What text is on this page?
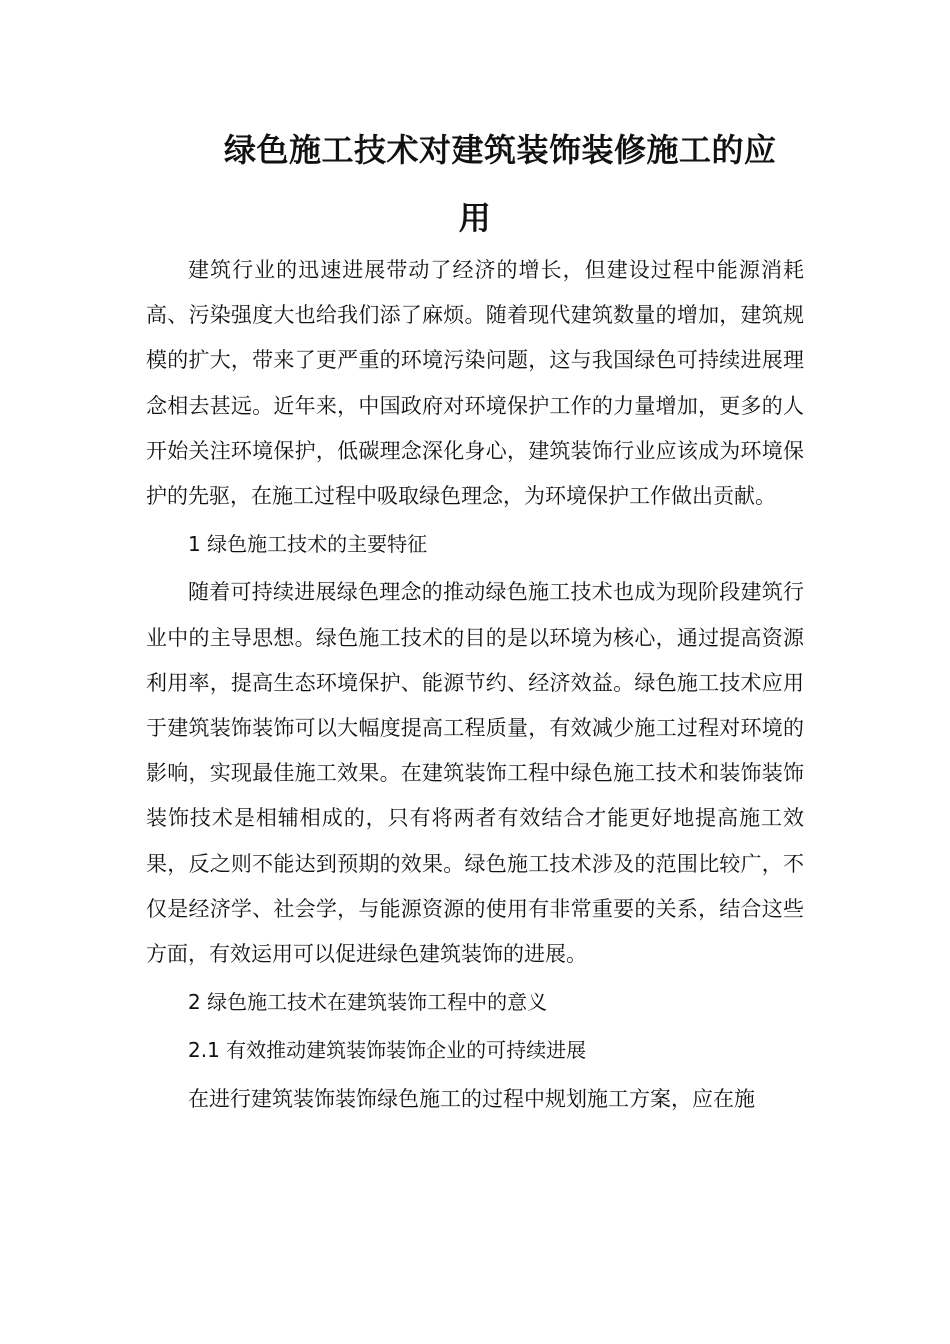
绿色施工技术对建筑装饰装修施工的应
用

建筑行业的迅速进展带动了经济的增长，但建设过程中能源消耗高、污染强度大也给我们添了麻烦。随着现代建筑数量的增加，建筑规模的扩大，带来了更严重的环境污染问题，这与我国绿色可持续进展理念相去甚远。近年来，中国政府对环境保护工作的力量增加，更多的人开始关注环境保护，低碳理念深化身心，建筑装饰行业应该成为环境保护的先驱，在施工过程中吸取绿色理念，为环境保护工作做出贡献。

1 绿色施工技术的主要特征

随着可持续进展绿色理念的推动绿色施工技术也成为现阶段建筑行业中的主导思想。绿色施工技术的目的是以环境为核心，通过提高资源利用率，提高生态环境保护、能源节约、经济效益。绿色施工技术应用于建筑装饰装饰可以大幅度提高工程质量，有效减少施工过程对环境的影响，实现最佳施工效果。在建筑装饰工程中绿色施工技术和装饰装饰装饰技术是相辅相成的，只有将两者有效结合才能更好地提高施工效果，反之则不能达到预期的效果。绿色施工技术涉及的范围比较广，不仅是经济学、社会学，与能源资源的使用有非常重要的关系，结合这些方面，有效运用可以促进绿色建筑装饰的进展。

2 绿色施工技术在建筑装饰工程中的意义

2.1 有效推动建筑装饰装饰企业的可持续进展

在进行建筑装饰装饰绿色施工的过程中规划施工方案，应在施
